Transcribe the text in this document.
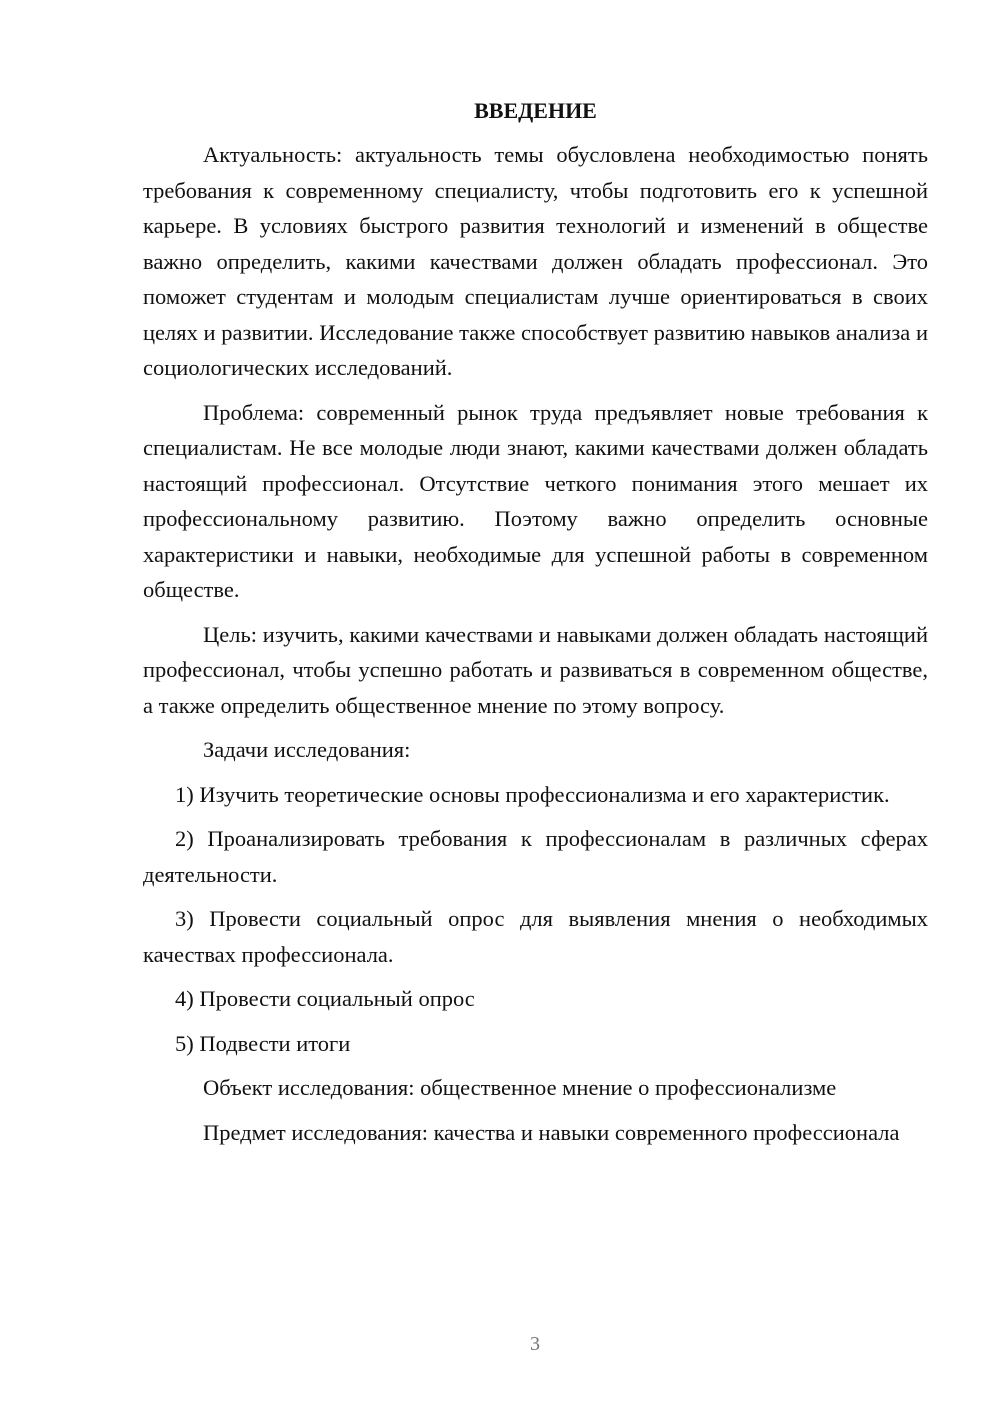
ВВЕДЕНИЕ

Актуальность: актуальность темы обусловлена необходимостью понять требования к современному специалисту, чтобы подготовить его к успешной карьере. В условиях быстрого развития технологий и изменений в обществе важно определить, какими качествами должен обладать профессионал. Это поможет студентам и молодым специалистам лучше ориентироваться в своих целях и развитии. Исследование также способствует развитию навыков анализа и социологических исследований.

Проблема: современный рынок труда предъявляет новые требования к специалистам. Не все молодые люди знают, какими качествами должен обладать настоящий профессионал. Отсутствие четкого понимания этого мешает их профессиональному развитию. Поэтому важно определить основные характеристики и навыки, необходимые для успешной работы в современном обществе.

Цель: изучить, какими качествами и навыками должен обладать настоящий профессионал, чтобы успешно работать и развиваться в современном обществе, а также определить общественное мнение по этому вопросу.

Задачи исследования:

1) Изучить теоретические основы профессионализма и его характеристик.

2) Проанализировать требования к профессионалам в различных сферах деятельности.

3) Провести социальный опрос для выявления мнения о необходимых качествах профессионала.

4) Провести социальный опрос

5) Подвести итоги

Объект исследования: общественное мнение о профессионализме

Предмет исследования: качества и навыки современного профессионала

3
